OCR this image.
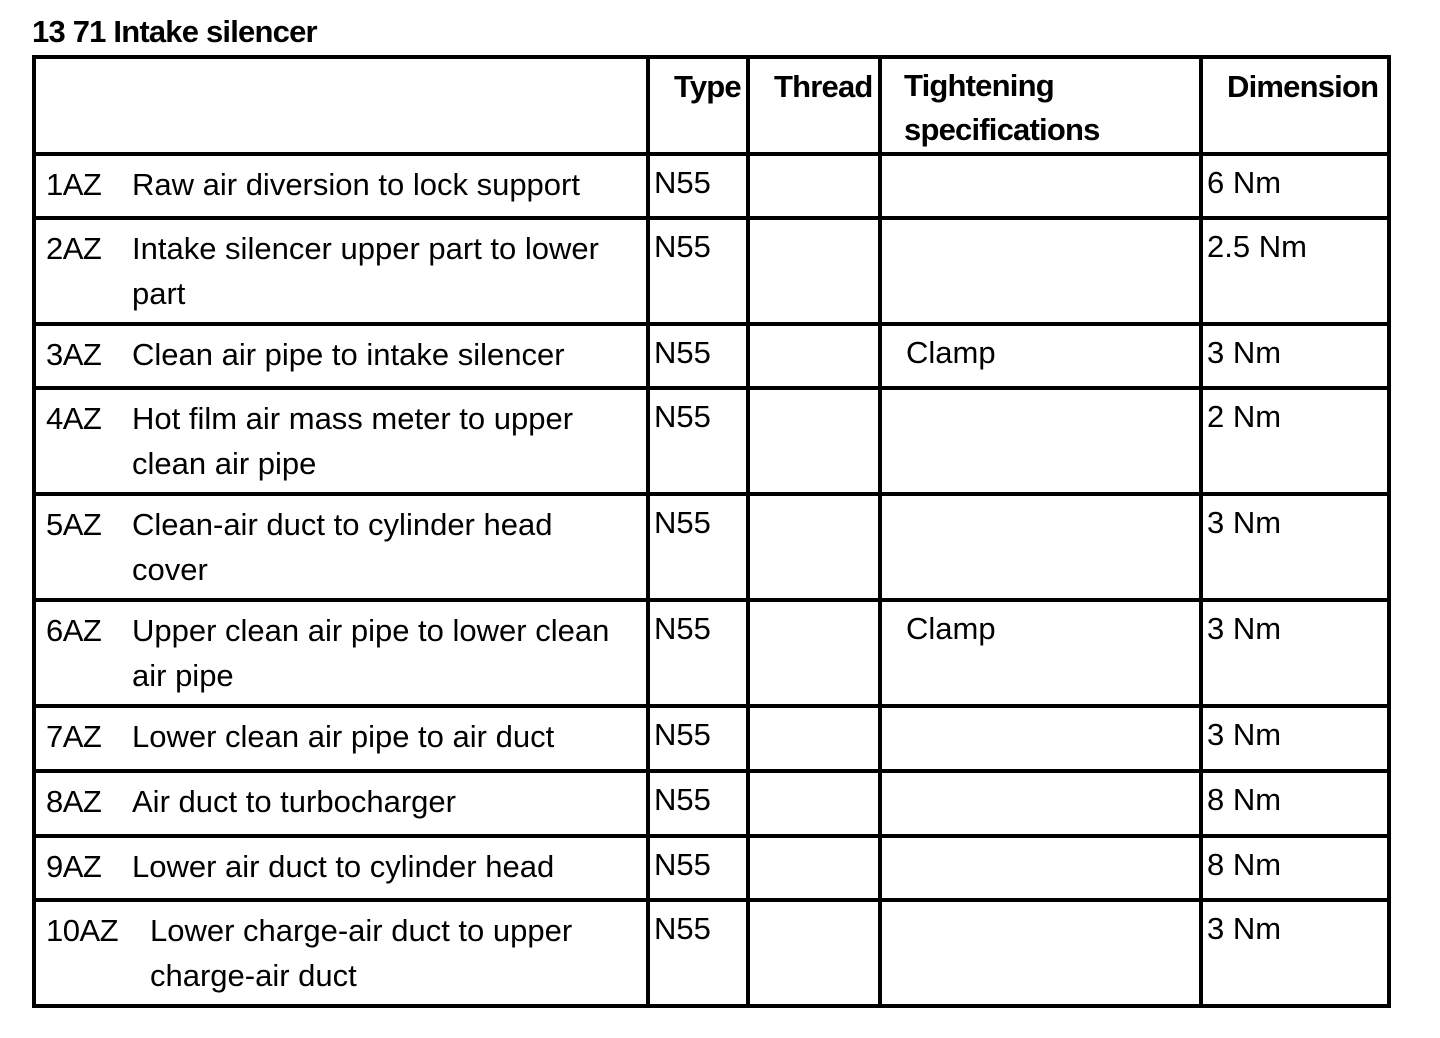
13 71 Intake silencer
	Type	Thread	Tightening specifications	Dimension

1AZ Raw air diversion to lock support	N55			6 Nm

2AZ Intake silencer upper part to lower part	N55			2.5 Nm

3AZ Clean air pipe to intake silencer	N55		Clamp	3 Nm

4AZ Hot film air mass meter to upper clean air pipe	N55			2 Nm

5AZ Clean-air duct to cylinder head cover	N55			3 Nm

6AZ Upper clean air pipe to lower clean air pipe	N55		Clamp	3 Nm

7AZ Lower clean air pipe to air duct	N55			3 Nm

8AZ Air duct to turbocharger	N55			8 Nm

9AZ Lower air duct to cylinder head	N55			8 Nm

10AZ Lower charge-air duct to upper charge-air duct	N55			3 Nm
